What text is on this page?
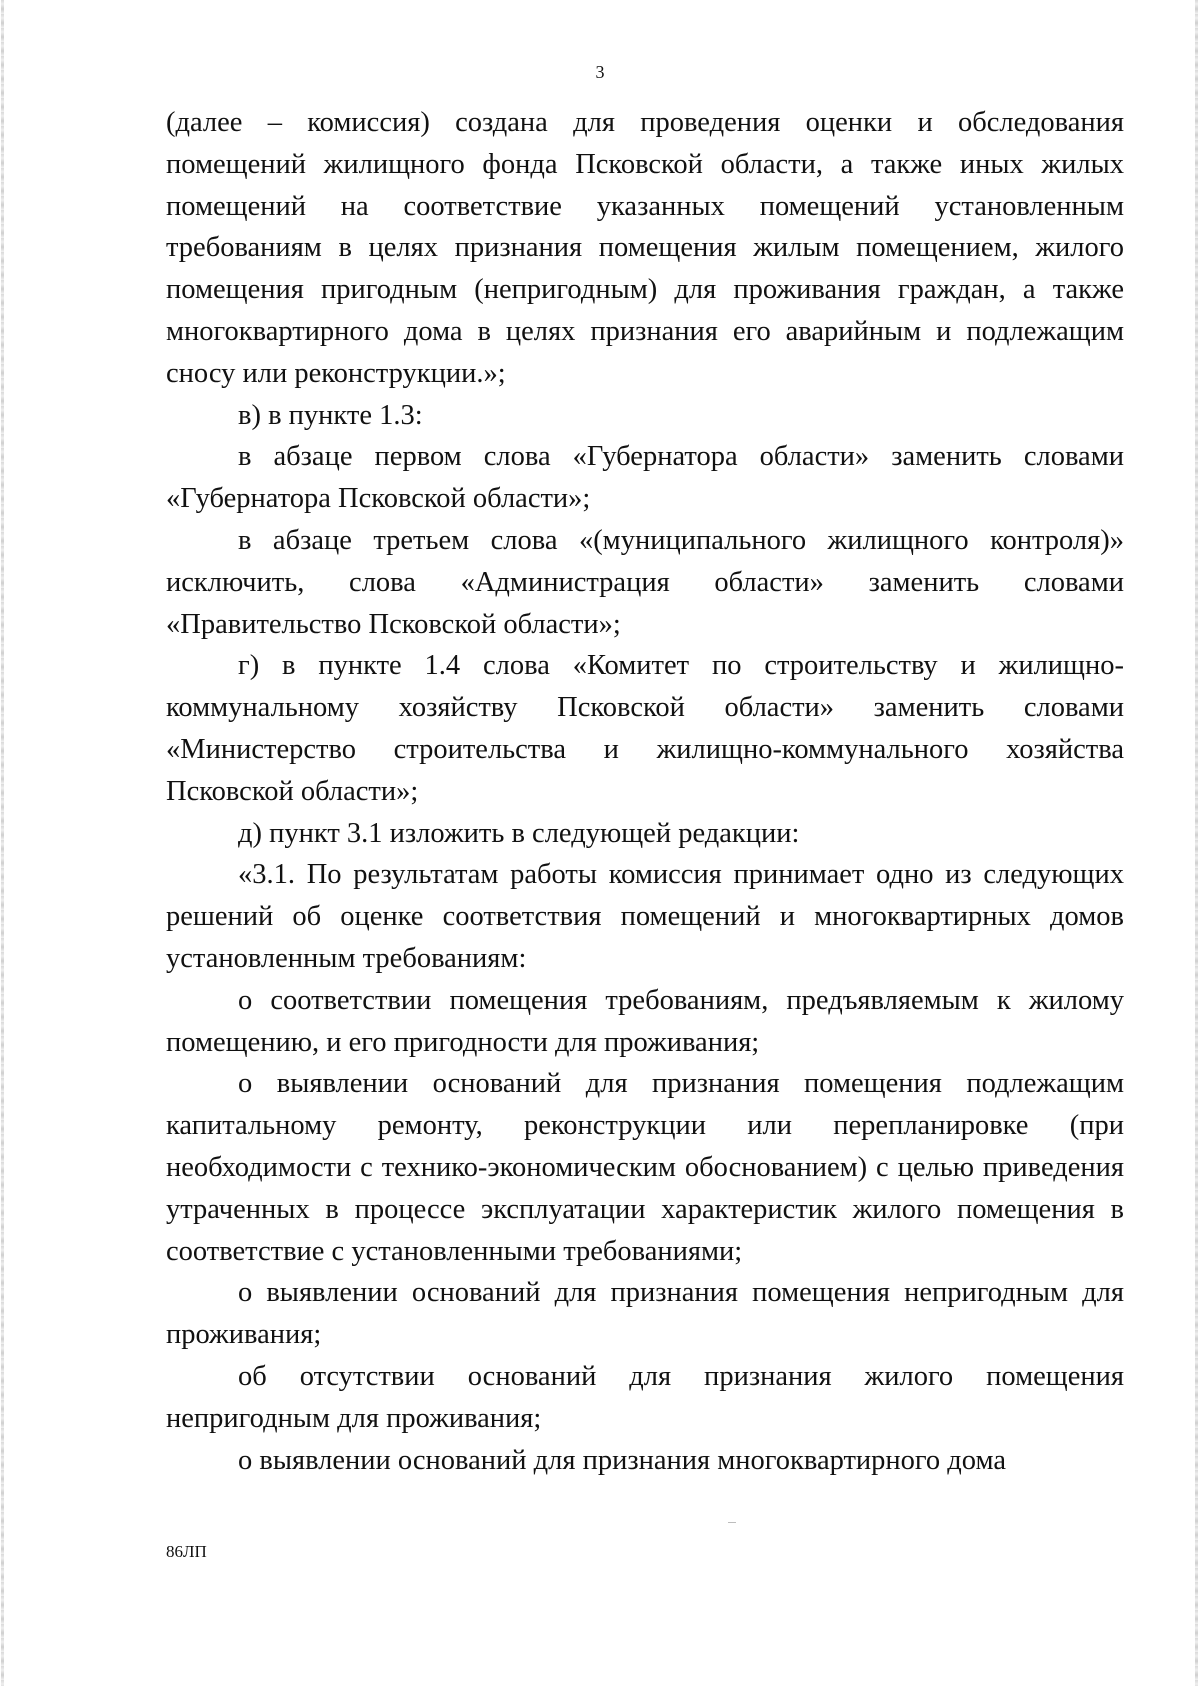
3

(далее – комиссия) создана для проведения оценки и обследования помещений жилищного фонда Псковской области, а также иных жилых помещений на соответствие указанных помещений установленным требованиям в целях признания помещения жилым помещением, жилого помещения пригодным (непригодным) для проживания граждан, а также многоквартирного дома в целях признания его аварийным и подлежащим сносу или реконструкции.»;

в) в пункте 1.3:

в абзаце первом слова «Губернатора области» заменить словами «Губернатора Псковской области»;

в абзаце третьем слова «(муниципального жилищного контроля)» исключить, слова «Администрация области» заменить словами «Правительство Псковской области»;

г) в пункте 1.4 слова «Комитет по строительству и жилищно-коммунальному хозяйству Псковской области» заменить словами «Министерство строительства и жилищно-коммунального хозяйства Псковской области»;

д) пункт 3.1 изложить в следующей редакции:

«3.1. По результатам работы комиссия принимает одно из следующих решений об оценке соответствия помещений и многоквартирных домов установленным требованиям:

о соответствии помещения требованиям, предъявляемым к жилому помещению, и его пригодности для проживания;

о выявлении оснований для признания помещения подлежащим капитальному ремонту, реконструкции или перепланировке (при необходимости с технико-экономическим обоснованием) с целью приведения утраченных в процессе эксплуатации характеристик жилого помещения в соответствие с установленными требованиями;

о выявлении оснований для признания помещения непригодным для проживания;

об отсутствии оснований для признания жилого помещения непригодным для проживания;

о выявлении оснований для признания многоквартирного дома

86ЛП
